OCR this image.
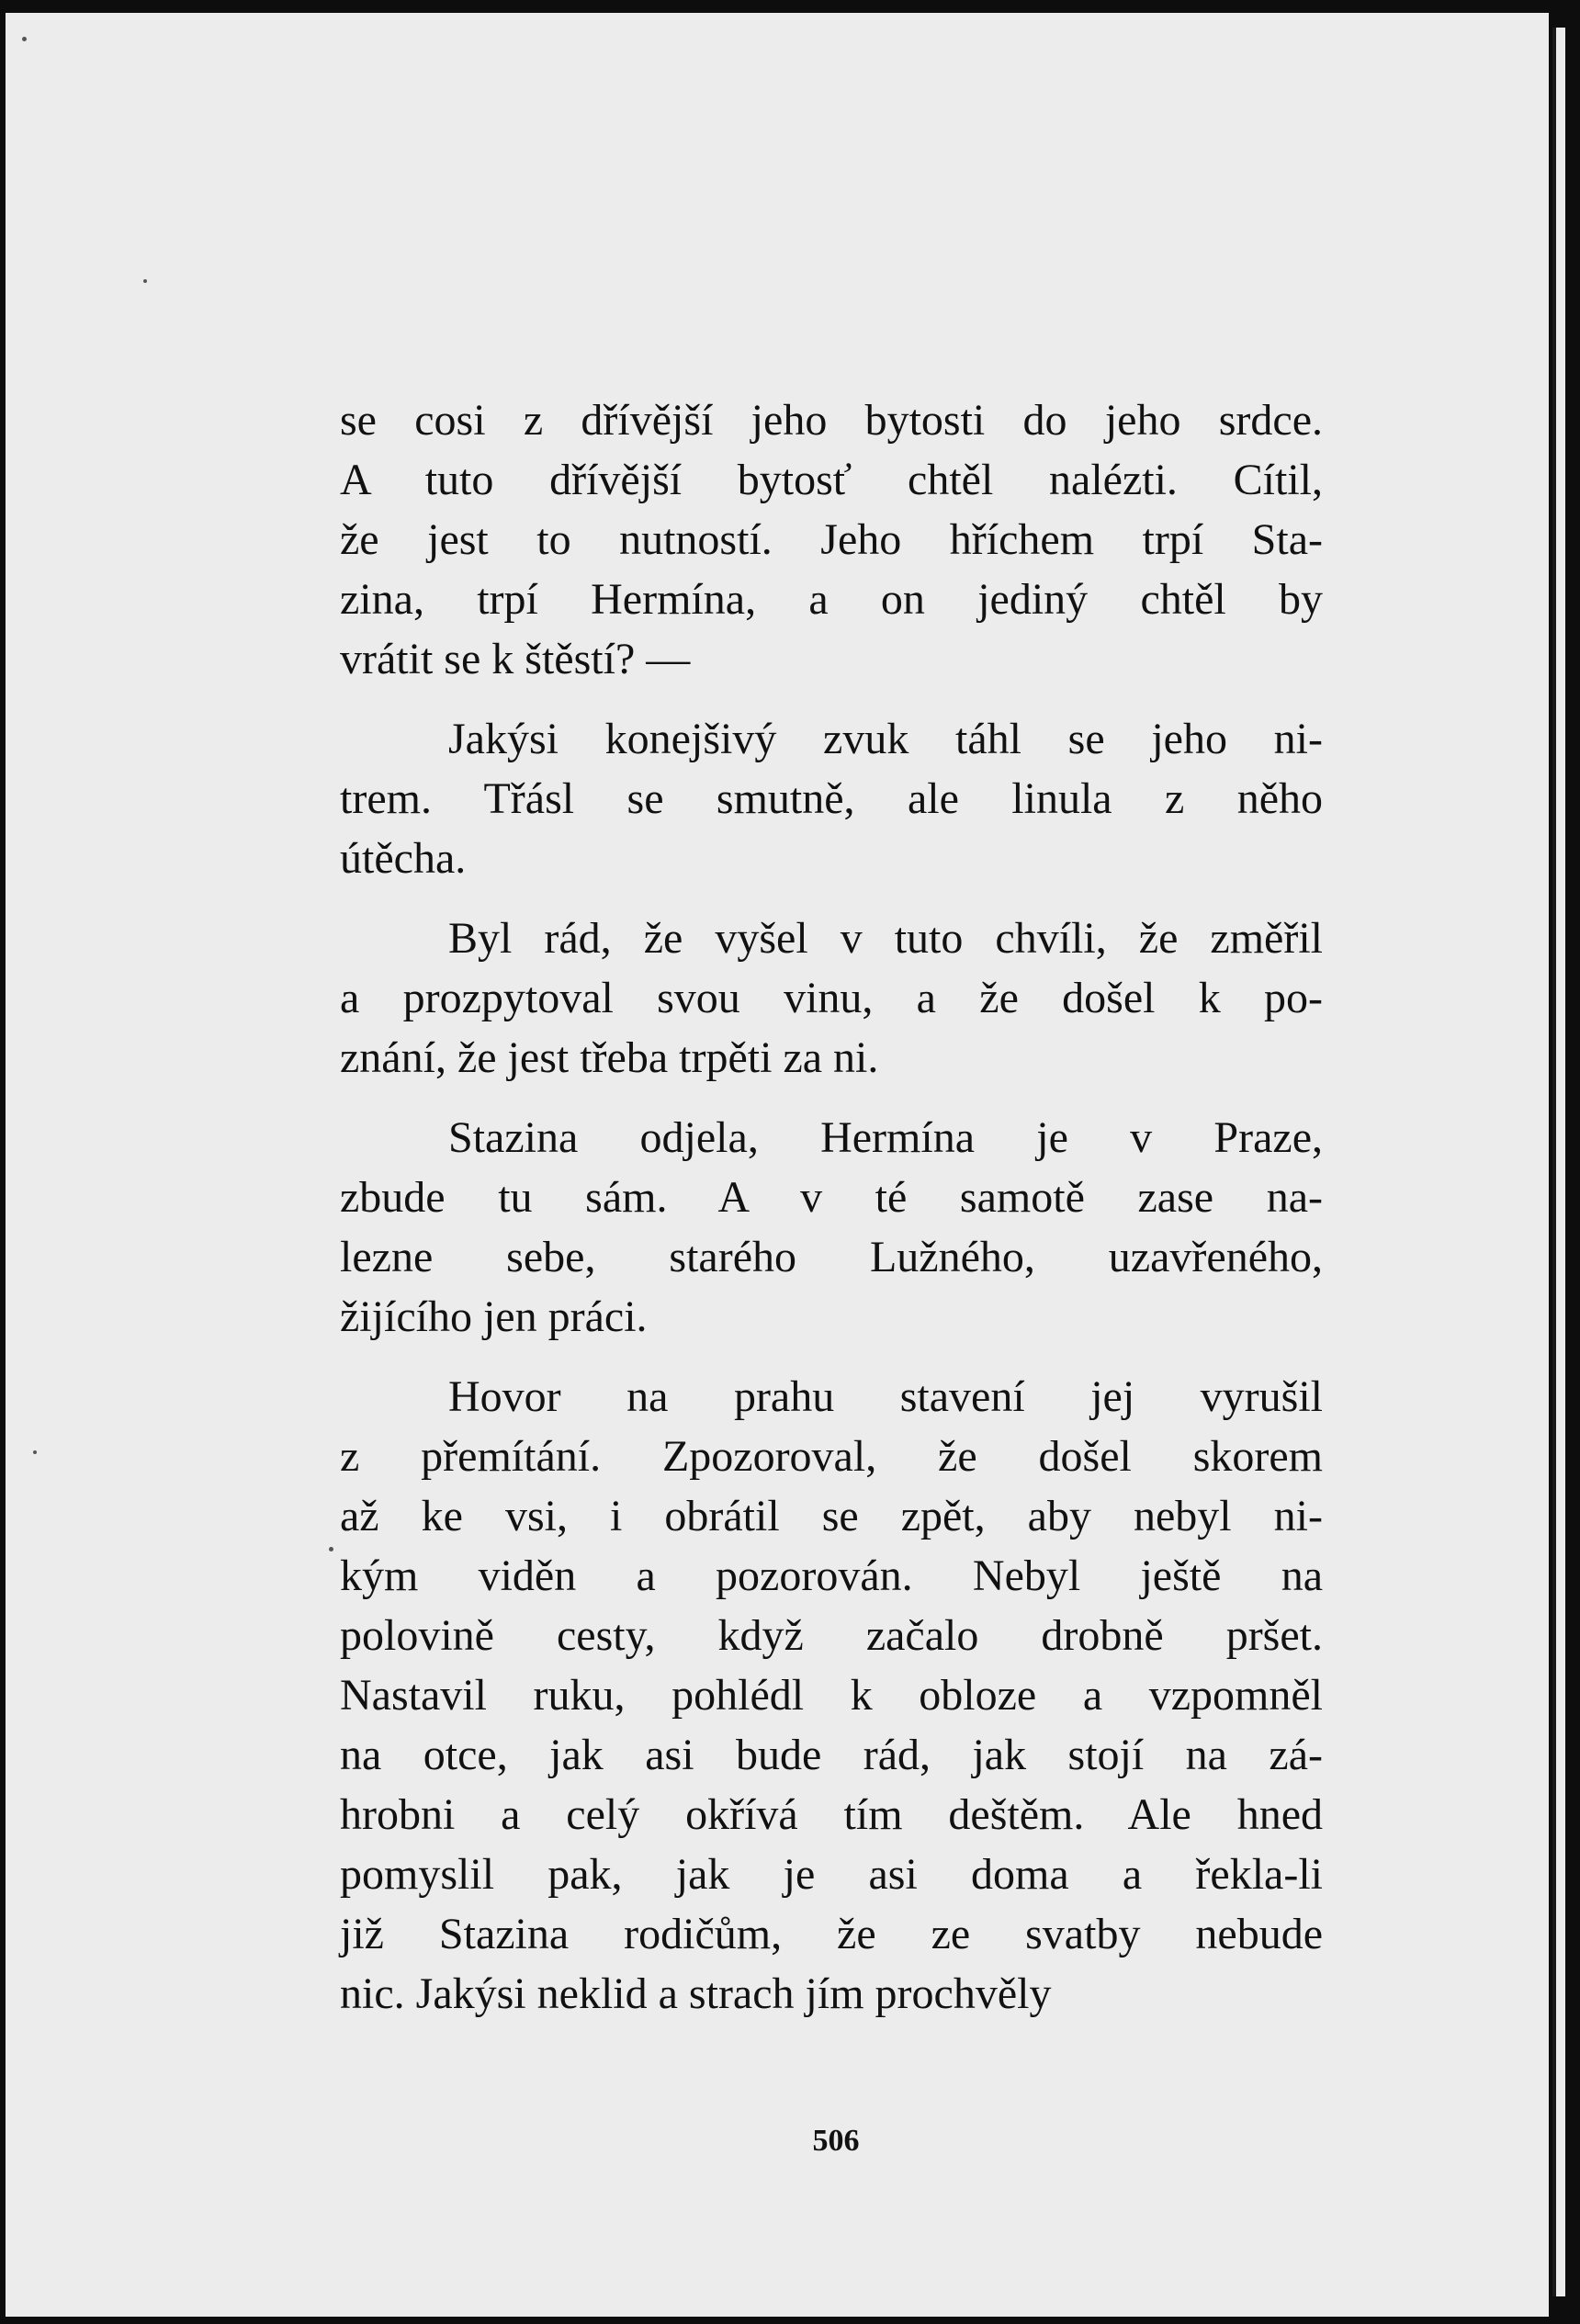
se cosi z dřívější jeho bytosti do jeho srdce.
A tuto dřívější bytosť chtěl nalézti. Cítil,
že jest to nutností. Jeho hříchem trpí Sta-
zina, trpí Hermína, a on jediný chtěl by
vrátit se k štěstí? —
Jakýsi konejšivý zvuk táhl se jeho ni-
trem. Třásl se smutně, ale linula z něho
útěcha.
Byl rád, že vyšel v tuto chvíli, že změřil
a prozpytoval svou vinu, a že došel k po-
znání, že jest třeba trpěti za ni.
Stazina odjela, Hermína je v Praze,
zbude tu sám. A v té samotě zase na-
lezne sebe, starého Lužného, uzavřeného,
žijícího jen práci.
Hovor na prahu stavení jej vyrušil
z přemítání. Zpozoroval, že došel skorem
až ke vsi, i obrátil se zpět, aby nebyl ni-
kým viděn a pozorován. Nebyl ještě na
polovině cesty, když začalo drobně pršet.
Nastavil ruku, pohlédl k obloze a vzpomněl
na otce, jak asi bude rád, jak stojí na zá-
hrobni a celý okřívá tím deštěm. Ale hned
pomyslil pak, jak je asi doma a řekla-li
již Stazina rodičům, že ze svatby nebude
nic. Jakýsi neklid a strach jím prochvěly
506
